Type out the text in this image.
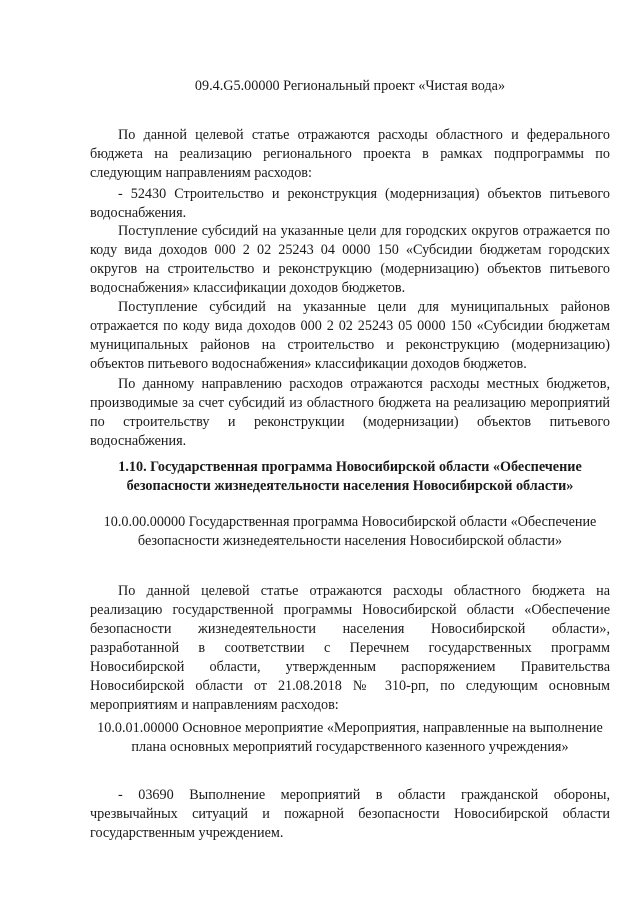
09.4.G5.00000 Региональный проект «Чистая вода»

По данной целевой статье отражаются расходы областного и федерального бюджета на реализацию регионального проекта в рамках подпрограммы по следующим направлениям расходов:

- 52430 Строительство и реконструкция (модернизация) объектов питьевого водоснабжения.

Поступление субсидий на указанные цели для городских округов отражается по коду вида доходов 000 2 02 25243 04 0000 150 «Субсидии бюджетам городских округов на строительство и реконструкцию (модернизацию) объектов питьевого водоснабжения» классификации доходов бюджетов.

Поступление субсидий на указанные цели для муниципальных районов отражается по коду вида доходов 000 2 02 25243 05 0000 150 «Субсидии бюджетам муниципальных районов на строительство и реконструкцию (модернизацию) объектов питьевого водоснабжения» классификации доходов бюджетов.

По данному направлению расходов отражаются расходы местных бюджетов, производимые за счет субсидий из областного бюджета на реализацию мероприятий по строительству и реконструкции (модернизации) объектов питьевого водоснабжения.

1.10. Государственная программа Новосибирской области «Обеспечение безопасности жизнедеятельности населения Новосибирской области»

10.0.00.00000 Государственная программа Новосибирской области «Обеспечение безопасности жизнедеятельности населения Новосибирской области»

По данной целевой статье отражаются расходы областного бюджета на реализацию государственной программы Новосибирской области «Обеспечение безопасности жизнедеятельности населения Новосибирской области», разработанной в соответствии с Перечнем государственных программ Новосибирской области, утвержденным распоряжением Правительства Новосибирской области от 21.08.2018 № 310-рп, по следующим основным мероприятиям и направлениям расходов:

10.0.01.00000 Основное мероприятие «Мероприятия, направленные на выполнение плана основных мероприятий государственного казенного учреждения»

- 03690 Выполнение мероприятий в области гражданской обороны, чрезвычайных ситуаций и пожарной безопасности Новосибирской области государственным учреждением.
